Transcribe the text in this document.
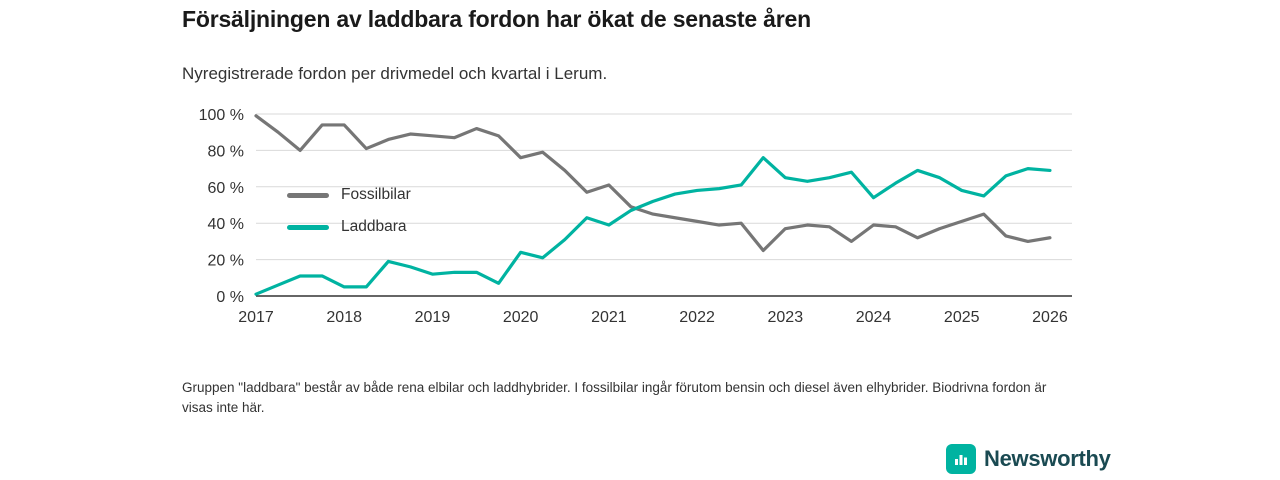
Försäljningen av laddbara fordon har ökat de senaste åren
Nyregistrerade fordon per drivmedel och kvartal i Lerum.
0 %
20 %
40 %
60 %
80 %
100 %
2017	2018	2019	2020	2021	2022	2023	2024	2025	2026
Fossilbilar
Laddbara
Gruppen "laddbara" består av både rena elbilar och laddhybrider. I fossilbilar ingår förutom bensin och diesel även elhybrider. Biodrivna fordon är visas inte här.
Newsworthy
